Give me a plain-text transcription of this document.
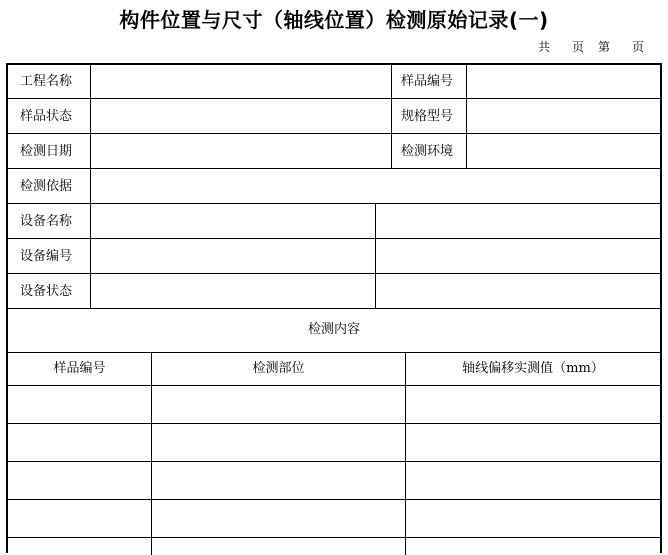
构件位置与尺寸（轴线位置）检测原始记录(一)
共 页 第 页
工程名称	样品编号
样品状态	规格型号
检测日期	检测环境
检测依据
设备名称
设备编号
设备状态
检测内容
样品编号	检测部位	轴线偏移实测值（mm）
